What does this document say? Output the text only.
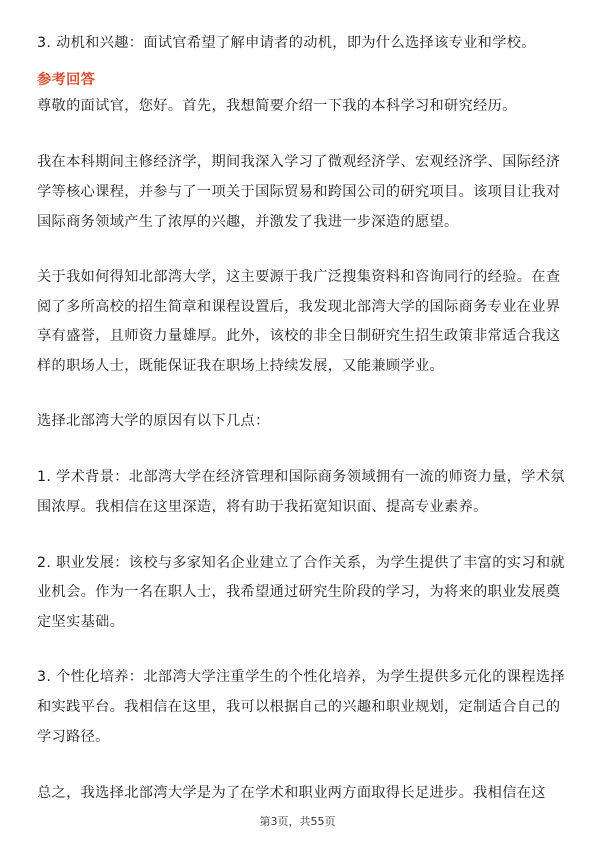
3. 动机和兴趣：面试官希望了解申请者的动机，即为什么选择该专业和学校。
参考回答
尊敬的面试官，您好。首先，我想简要介绍一下我的本科学习和研究经历。
我在本科期间主修经济学，期间我深入学习了微观经济学、宏观经济学、国际经济
学等核心课程，并参与了一项关于国际贸易和跨国公司的研究项目。该项目让我对
国际商务领域产生了浓厚的兴趣，并激发了我进一步深造的愿望。
关于我如何得知北部湾大学，这主要源于我广泛搜集资料和咨询同行的经验。在查
阅了多所高校的招生简章和课程设置后，我发现北部湾大学的国际商务专业在业界
享有盛誉，且师资力量雄厚。此外，该校的非全日制研究生招生政策非常适合我这
样的职场人士，既能保证我在职场上持续发展，又能兼顾学业。
选择北部湾大学的原因有以下几点：
1. 学术背景：北部湾大学在经济管理和国际商务领域拥有一流的师资力量，学术氛
围浓厚。我相信在这里深造，将有助于我拓宽知识面、提高专业素养。
2. 职业发展：该校与多家知名企业建立了合作关系，为学生提供了丰富的实习和就
业机会。作为一名在职人士，我希望通过研究生阶段的学习，为将来的职业发展奠
定坚实基础。
3. 个性化培养：北部湾大学注重学生的个性化培养，为学生提供多元化的课程选择
和实践平台。我相信在这里，我可以根据自己的兴趣和职业规划，定制适合自己的
学习路径。
总之，我选择北部湾大学是为了在学术和职业两方面取得长足进步。我相信在这
第3页，共55页
